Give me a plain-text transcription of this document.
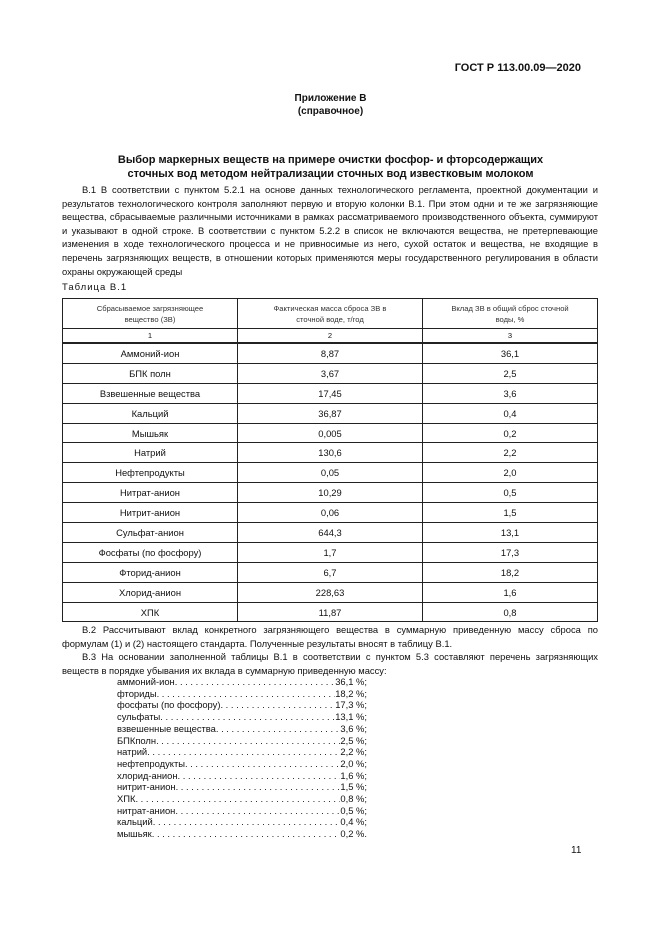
ГОСТ Р 113.00.09—2020
Приложение В
(справочное)
Выбор маркерных веществ на примере очистки фосфор- и фторсодержащих
сточных вод методом нейтрализации сточных вод известковым молоком
В.1 В соответствии с пунктом 5.2.1 на основе данных технологического регламента, проектной документации и результатов технологического контроля заполняют первую и вторую колонки В.1. При этом одни и те же загрязняющие вещества, сбрасываемые различными источниками в рамках рассматриваемого производственного объекта, суммируют и указывают в одной строке. В соответствии с пунктом 5.2.2 в список не включаются вещества, не претерпевающие изменения в ходе технологического процесса и не привносимые из него, сухой остаток и вещества, не входящие в перечень загрязняющих веществ, в отношении которых применяются меры государственного регулирования в области охраны окружающей среды
Таблица В.1
Сбрасываемое загрязняющее вещество (ЗВ)	Фактическая масса сброса ЗВ в сточной воде, т/год	Вклад ЗВ в общий сброс сточной воды, %

1	2	3
Аммоний-ион	8,87	36,1
БПК полн	3,67	2,5
Взвешенные вещества	17,45	3,6
Кальций	36,87	0,4
Мышьяк	0,005	0,2
Натрий	130,6	2,2
Нефтепродукты	0,05	2,0
Нитрат-анион	10,29	0,5
Нитрит-анион	0,06	1,5
Сульфат-анион	644,3	13,1
Фосфаты (по фосфору)	1,7	17,3
Фторид-анион	6,7	18,2
Хлорид-анион	228,63	1,6
ХПК	11,87	0,8
В.2 Рассчитывают вклад конкретного загрязняющего вещества в суммарную приведенную массу сброса по формулам (1) и (2) настоящего стандарта. Полученные результаты вносят в таблицу В.1.
В.3 На основании заполненной таблицы В.1 в соответствии с пунктом 5.3 составляют перечень загрязняющих веществ в порядке убывания их вклада в суммарную приведенную массу:
аммоний-ион . . .	36,1 %;
фториды . . .	18,2 %;
фосфаты (по фосфору) . . .	17,3 %;
сульфаты . . .	13,1 %;
взвешенные вещества . . .	3,6 %;
БПКполн . . .	2,5 %;
натрий . . .	2,2 %;
нефтепродукты . . .	2,0 %;
хлорид-анион . . .	1,6 %;
нитрит-анион . . .	1,5 %;
ХПК . . .	0,8 %;
нитрат-анион . . .	0,5 %;
кальций . . .	0,4 %;
мышьяк . . .	0,2 %.
11
